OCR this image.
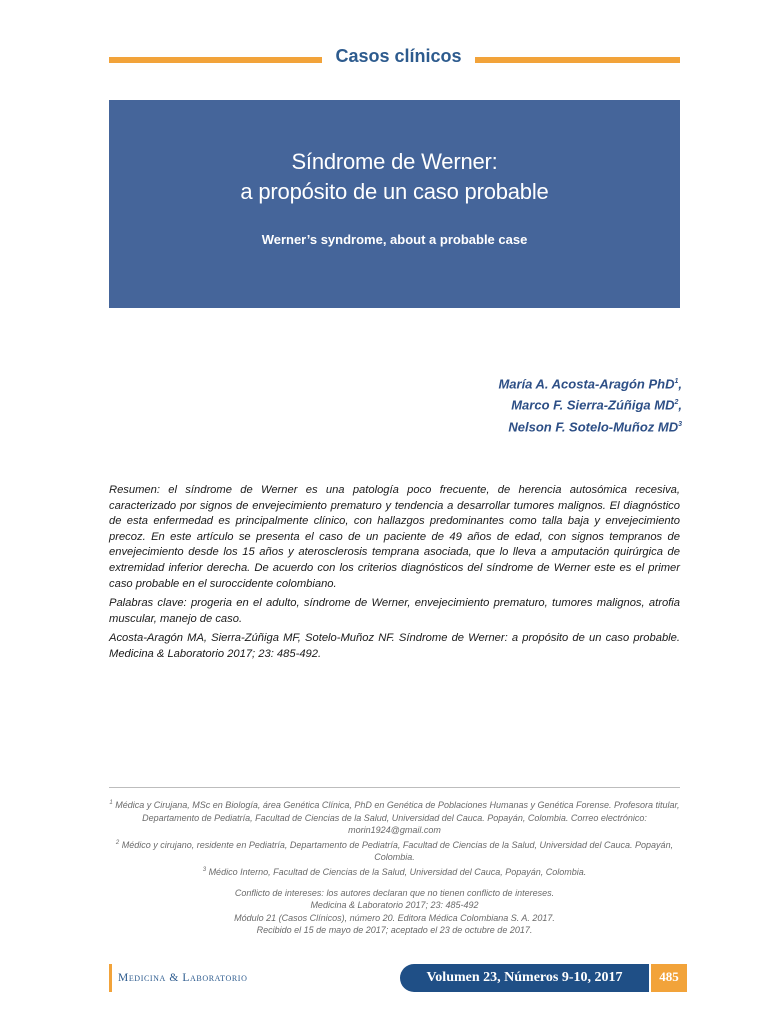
Casos clínicos
Síndrome de Werner:
a propósito de un caso probable
Werner’s syndrome, about a probable case
María A. Acosta-Aragón PhD$^1$,
Marco F. Sierra-Zúñiga $MD^2$,
Nelson F. Sotelo-Muñoz $MD^3$

Resumen: el síndrome de Werner es una patología poco frecuente, de herencia autosómica recesiva, caracterizado por signos de envejecimiento prematuro y tendencia a desarrollar tumores malignos. El diagnóstico de esta enfermedad es principalmente clínico, con hallazgos predominantes como talla baja y envejecimiento precoz. En este artículo se presenta el caso de un paciente de 49 años de edad, con signos tempranos de envejecimiento desde los 15 años y aterosclerosis temprana asociada, que lo lleva a amputación quirúrgica de extremidad inferior derecha. De acuerdo con los criterios diagnósticos del síndrome de Werner este es el primer caso probable en el suroccidente colombiano.

Palabras clave: progeria en el adulto, síndrome de Werner, envejecimiento prematuro, tumores malignos, atrofia muscular, manejo de caso.

Acosta-Aragón MA, Sierra-Zúñiga MF, Sotelo-Muñoz NF. Síndrome de Werner: a propósito de un caso probable. Medicina & Laboratorio 2017; 23: 485-492.

$^1$ Médica y Cirujana, MSc en Biología, área Genética Clínica, PhD en Genética de Poblaciones Humanas y Genética Forense. Profesora titular, Departamento de Pediatría, Facultad de Ciencias de la Salud, Universidad del Cauca. Popayán, Colombia. Correo electrónico: morin1924@gmail.com

$^2$ Médico y cirujano, residente en Pediatría, Departamento de Pediatría, Facultad de Ciencias de la Salud, Universidad del Cauca. Popayán, Colombia.

$^3$ Médico Interno, Facultad de Ciencias de la Salud, Universidad del Cauca, Popayán, Colombia.

Conflicto de intereses: los autores declaran que no tienen conflicto de intereses.

Medicina & Laboratorio 2017; 23: 485-492

Módulo 21 (Casos Clínicos), número 20. Editora Médica Colombiana S. A. 2017.

Recibido el 15 de mayo de 2017; aceptado el 23 de octubre de 2017.

Medicina & Laboratorio	Volumen 23, Números 9-10, 2017	485
